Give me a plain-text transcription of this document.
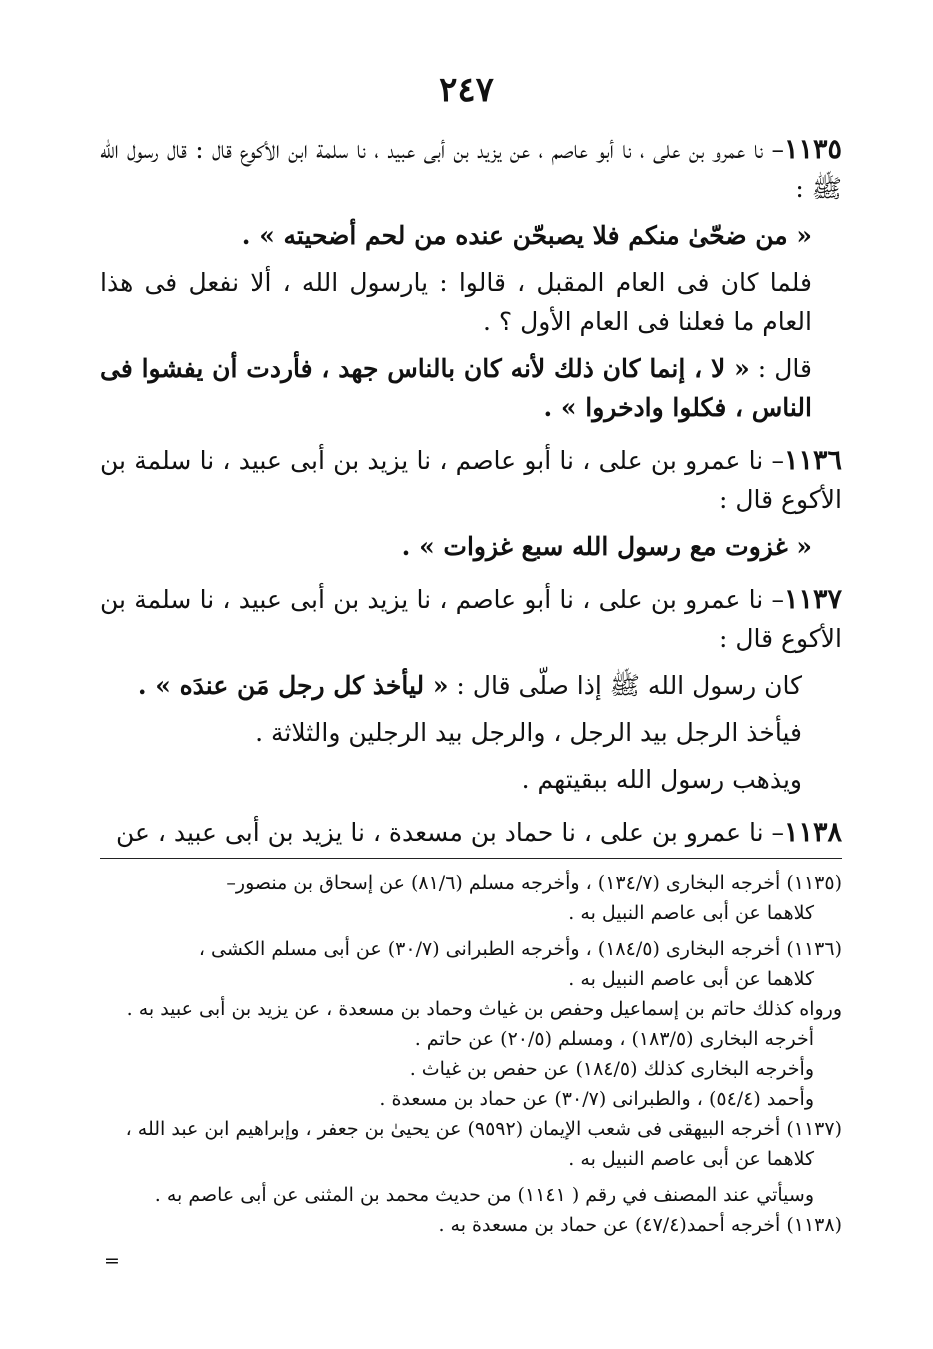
٢٤٧

١١٣٥– نا عمرو بن على ، نا أبو عاصم ، عن يزيد بن أبى عبيد ، نا سلمة ابن الأكوع قال : قال رسول الله ﷺ :

« من ضحّىٰ منكم فلا يصبحّن عنده من لحم أضحيته » .

فلما كان فى العام المقبل ، قالوا : يارسول الله ، ألا نفعل فى هذا العام ما فعلنا فى العام الأول ؟ .

قال : « لا ، إنما كان ذلك لأنه كان بالناس جهد ، فأردت أن يفشوا فى الناس ، فكلوا وادخروا » .

١١٣٦– نا عمرو بن على ، نا أبو عاصم ، نا يزيد بن أبى عبيد ، نا سلمة بن الأكوع قال :

« غزوت مع رسول الله سبع غزوات » .

١١٣٧– نا عمرو بن على ، نا أبو عاصم ، نا يزيد بن أبى عبيد ، نا سلمة بن الأكوع قال :

كان رسول الله ﷺ إذا صلّى قال : « ليأخذ كل رجل مَن عندَه » .

فيأخذ الرجل بيد الرجل ، والرجل بيد الرجلين والثلاثة .

ويذهب رسول الله ببقيتهم .

١١٣٨– نا عمرو بن على ، نا حماد بن مسعدة ، نا يزيد بن أبى عبيد ، عن

(١١٣٥) أخرجه البخارى (١٣٤/٧) ، وأخرجه مسلم (٨١/٦) عن إسحاق بن منصور–
كلاهما عن أبى عاصم النبيل به .

(١١٣٦) أخرجه البخارى (١٨٤/٥) ، وأخرجه الطبرانى (٣٠/٧) عن أبى مسلم الكشى ،
كلاهما عن أبى عاصم النبيل به .

ورواه كذلك حاتم بن إسماعيل وحفص بن غياث وحماد بن مسعدة ، عن يزيد بن أبى عبيد به .

أخرجه البخارى (١٨٣/٥) ، ومسلم (٢٠/٥) عن حاتم .

وأخرجه البخارى كذلك (١٨٤/٥) عن حفص بن غياث .

وأحمد (٥٤/٤) ، والطبرانى (٣٠/٧) عن حماد بن مسعدة .

(١١٣٧) أخرجه البيهقى فى شعب الإيمان (٩٥٩٢) عن يحيىٰ بن جعفر ، وإبراهيم ابن عبد الله ،
كلاهما عن أبى عاصم النبيل به .

وسيأتي عند المصنف في رقم ( ١١٤١) من حديث محمد بن المثنى عن أبى عاصم به .

(١١٣٨) أخرجه أحمد(٤٧/٤) عن حماد بن مسعدة به .

=
